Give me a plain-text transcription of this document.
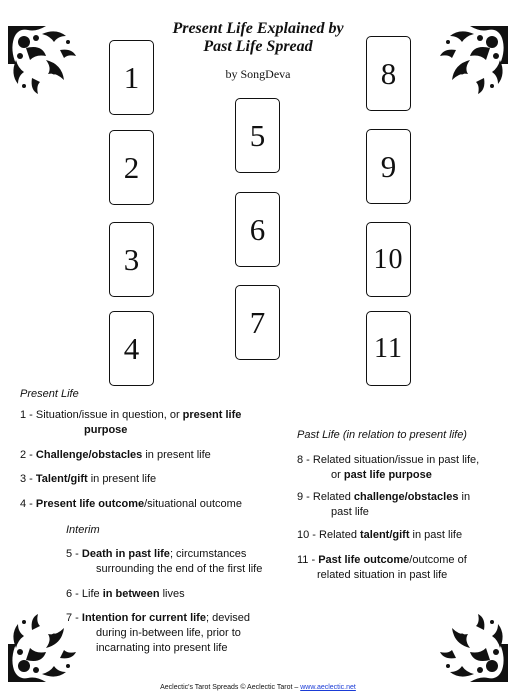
Present Life Explained by
Past Life Spread
by SongDeva
1
2
3
4
5
6
7
8
9
10
11
Present Life
1 - Situation/issue in question, or present life
purpose
2 - Challenge/obstacles in present life
3 - Talent/gift in present life
4 - Present life outcome/situational outcome
Interim
5 - Death in past life; circumstances
surrounding the end of the first life
6 - Life in between lives
7 - Intention for current life; devised
during in-between life, prior to
incarnating into present life
Past Life (in relation to present life)
8 - Related situation/issue in past life,
or past life purpose
9 - Related challenge/obstacles in
past life
10 - Related talent/gift in past life
11 - Past life outcome/outcome of
related situation in past life
Aeclectic's Tarot Spreads © Aeclectic Tarot – www.aeclectic.net
